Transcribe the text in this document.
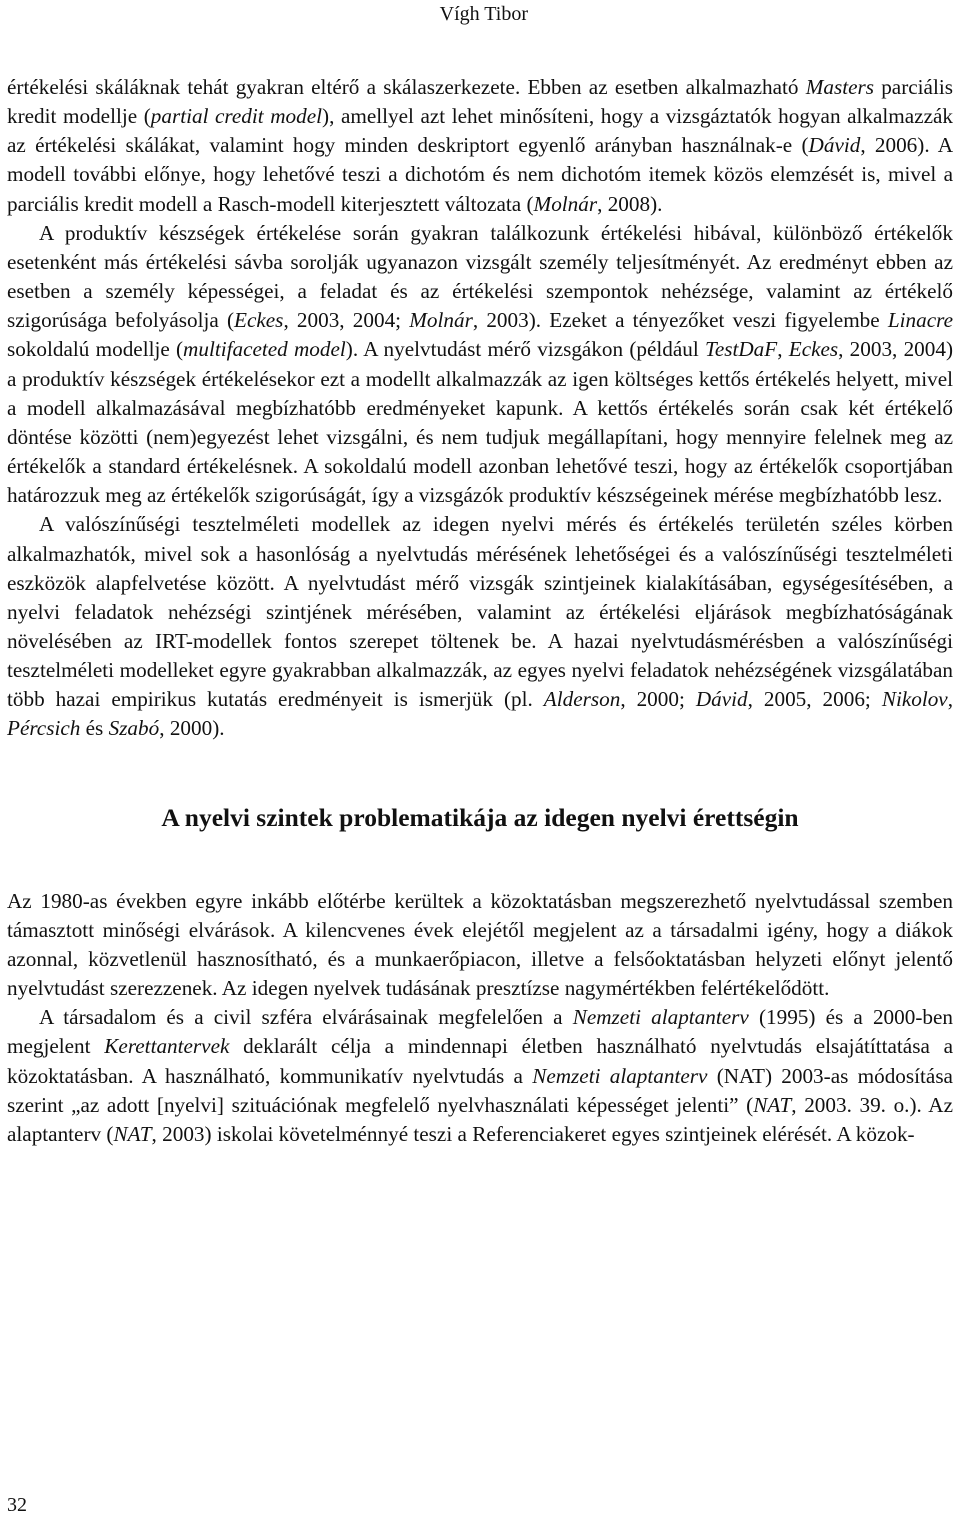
Vígh Tibor

értékelési skáláknak tehát gyakran eltérő a skálaszerkezete. Ebben az esetben alkalmazható Masters parciális kredit modellje (partial credit model), amellyel azt lehet minősíteni, hogy a vizsgáztatók hogyan alkalmazzák az értékelési skálákat, valamint hogy minden deskriptort egyenlő arányban használnak-e (Dávid, 2006). A modell további előnye, hogy lehetővé teszi a dichotóm és nem dichotóm itemek közös elemzését is, mivel a parciális kredit modell a Rasch-modell kiterjesztett változata (Molnár, 2008).

A produktív készségek értékelése során gyakran találkozunk értékelési hibával, különböző értékelők esetenként más értékelési sávba sorolják ugyanazon vizsgált személy teljesítményét. Az eredményt ebben az esetben a személy képességei, a feladat és az értékelési szempontok nehézsége, valamint az értékelő szigorúsága befolyásolja (Eckes, 2003, 2004; Molnár, 2003). Ezeket a tényezőket veszi figyelembe Linacre sokoldalú modellje (multifaceted model). A nyelvtudást mérő vizsgákon (például TestDaF, Eckes, 2003, 2004) a produktív készségek értékelésekor ezt a modellt alkalmazzák az igen költséges kettős értékelés helyett, mivel a modell alkalmazásával megbízhatóbb eredményeket kapunk. A kettős értékelés során csak két értékelő döntése közötti (nem)egyezést lehet vizsgálni, és nem tudjuk megállapítani, hogy mennyire felelnek meg az értékelők a standard értékelésnek. A sokoldalú modell azonban lehetővé teszi, hogy az értékelők csoportjában határozzuk meg az értékelők szigorúságát, így a vizsgázók produktív készségeinek mérése megbízhatóbb lesz.

A valószínűségi tesztelméleti modellek az idegen nyelvi mérés és értékelés területén széles körben alkalmazhatók, mivel sok a hasonlóság a nyelvtudás mérésének lehetőségei és a valószínűségi tesztelméleti eszközök alapfelvetése között. A nyelvtudást mérő vizsgák szintjeinek kialakításában, egységesítésében, a nyelvi feladatok nehézségi szintjének mérésében, valamint az értékelési eljárások megbízhatóságának növelésében az IRT-modellek fontos szerepet töltenek be. A hazai nyelvtudásmérésben a valószínűségi tesztelméleti modelleket egyre gyakrabban alkalmazzák, az egyes nyelvi feladatok nehézségének vizsgálatában több hazai empirikus kutatás eredményeit is ismerjük (pl. Alderson, 2000; Dávid, 2005, 2006; Nikolov, Pércsich és Szabó, 2000).

A nyelvi szintek problematikája az idegen nyelvi érettségin

Az 1980-as években egyre inkább előtérbe kerültek a közoktatásban megszerezhető nyelvtudással szemben támasztott minőségi elvárások. A kilencvenes évek elejétől megjelent az a társadalmi igény, hogy a diákok azonnal, közvetlenül hasznosítható, és a munkaerőpiacon, illetve a felsőoktatásban helyzeti előnyt jelentő nyelvtudást szerezzenek. Az idegen nyelvek tudásának presztízse nagymértékben felértékelődött.

A társadalom és a civil szféra elvárásainak megfelelően a Nemzeti alaptanterv (1995) és a 2000-ben megjelent Kerettantervek deklarált célja a mindennapi életben használható nyelvtudás elsajátíttatása a közoktatásban. A használható, kommunikatív nyelvtudás a Nemzeti alaptanterv (NAT) 2003-as módosítása szerint „az adott [nyelvi] szituációnak megfelelő nyelvhasználati képességet jelenti” (NAT, 2003. 39. o.). Az alaptanterv (NAT, 2003) iskolai követelménnyé teszi a Referenciakeret egyes szintjeinek elérését. A közok-

32
